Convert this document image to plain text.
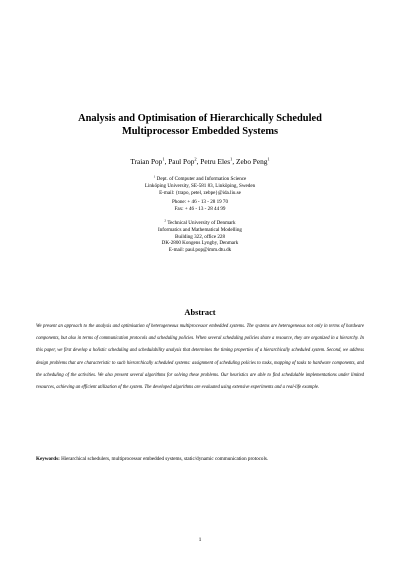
Analysis and Optimisation of Hierarchically Scheduled
Multiprocessor Embedded Systems
Traian Pop$^1$, Paul Pop$^2$, Petru Eles$^1$, Zebo Peng$^1$
$^1$ Dept. of Computer and Information Science
Linköping University, SE-581 83, Linköping, Sweden
E-mail: {trapo, petel, zebpe}@ida.liu.se
Phone: + 46 - 13 - 28 19 70
Fax: + 46 - 13 - 28 44 99
$^2$ Technical University of Denmark
Informatics and Mathematical Modelling
Building 322, office 228
DK-2800 Kongens Lyngby, Denmark
E-mail: paul.pop@imm.dtu.dk
Abstract
We present an approach to the analysis and optimisation of heterogeneous multiprocessor embedded systems. The systems are heterogeneous not only in terms of hardware components, but also in terms of communication protocols and scheduling policies. When several scheduling policies share a resource, they are organized in a hierarchy. In this paper, we first develop a holistic scheduling and schedulability analysis that determines the timing properties of a hierarchically scheduled system. Second, we address design problems that are characteristic to such hierarchically scheduled systems: assignment of scheduling policies to tasks, mapping of tasks to hardware components, and the scheduling of the activities. We also present several algorithms for solving these problems. Our heuristics are able to find schedulable implementations under limited resources, achieving an efficient utilization of the system. The developed algorithms are evaluated using extensive experiments and a real-life example.
Keywords: Hierarchical schedulers, multiprocessor embedded systems, static/dynamic communication protocols.
1
